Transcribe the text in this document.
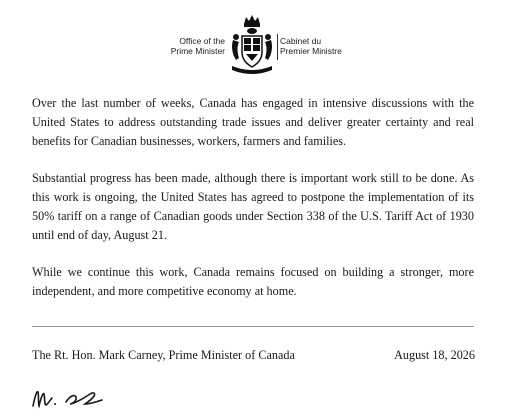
Office of the
Prime Minister
Cabinet du
Premier Ministre

Over the last number of weeks, Canada has engaged in intensive discussions with the United States to address outstanding trade issues and deliver greater certainty and real benefits for Canadian businesses, workers, farmers and families.

Substantial progress has been made, although there is important work still to be done. As this work is ongoing, the United States has agreed to postpone the implementation of its 50% tariff on a range of Canadian goods under Section 338 of the U.S. Tariff Act of 1930 until end of day, August 21.

While we continue this work, Canada remains focused on building a stronger, more independent, and more competitive economy at home.

The Rt. Hon. Mark Carney, Prime Minister of Canada	August 18, 2026
